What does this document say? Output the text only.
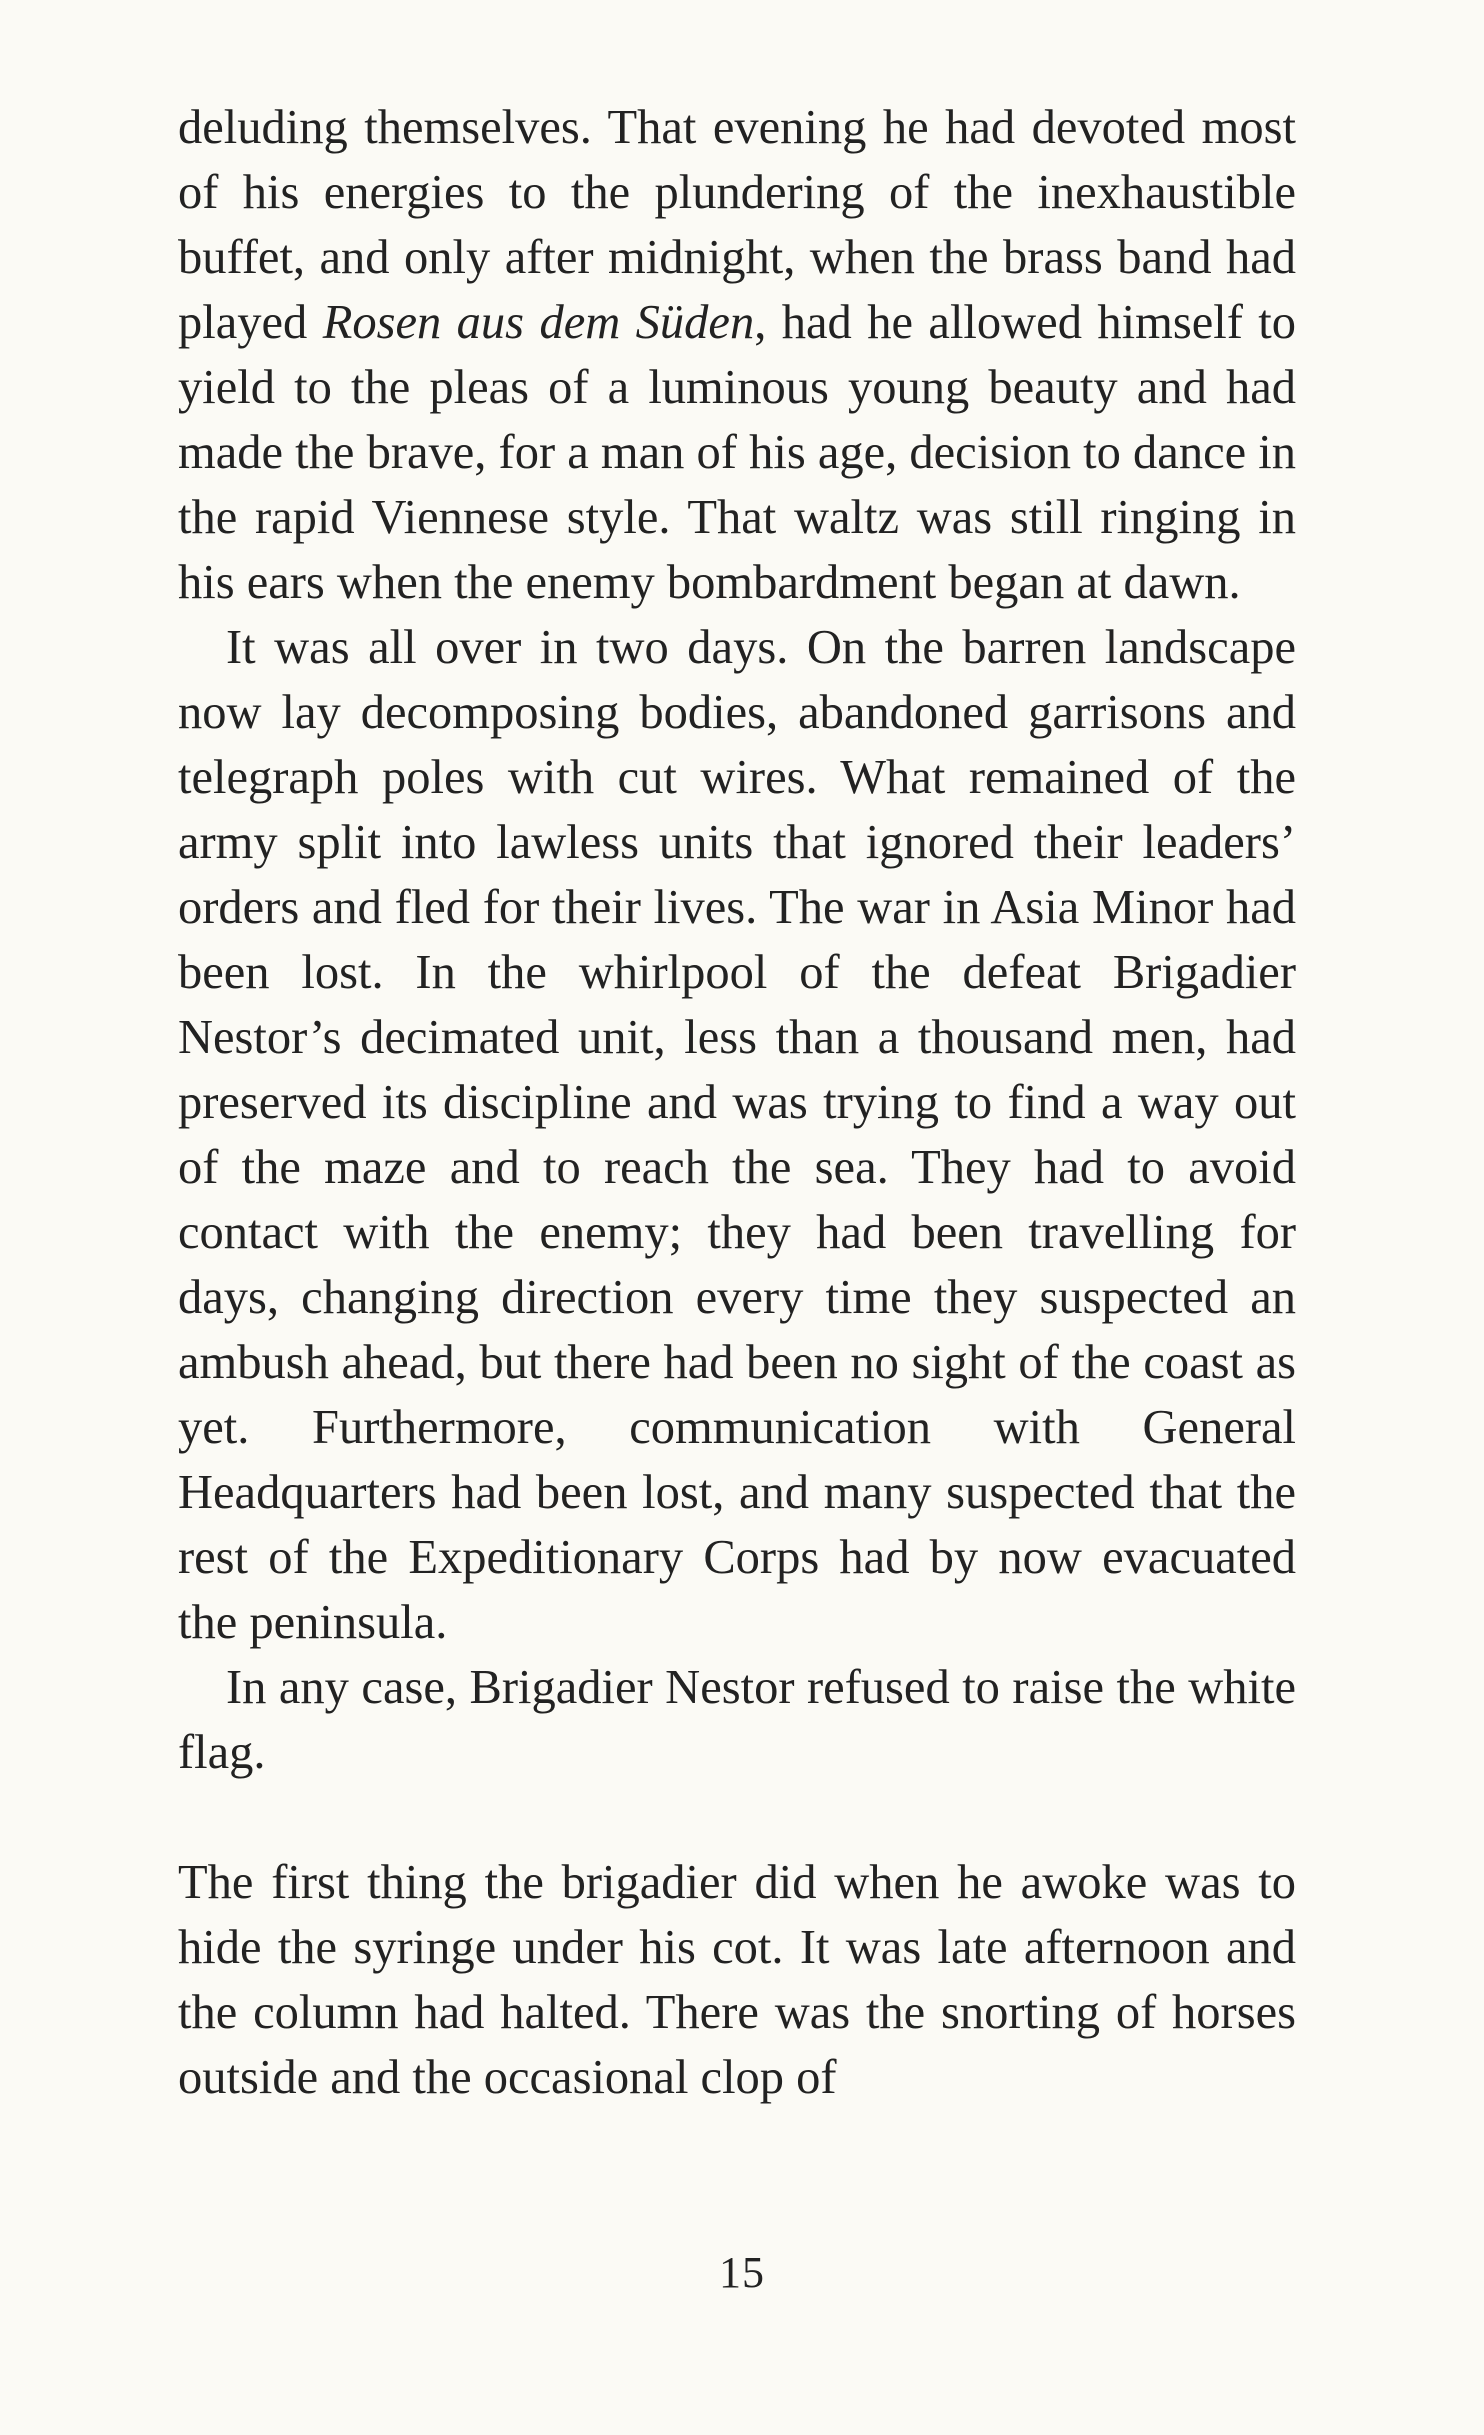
deluding themselves. That evening he had devoted most of his energies to the plundering of the inexhaustible buffet, and only after midnight, when the brass band had played Rosen aus dem Süden, had he allowed himself to yield to the pleas of a luminous young beauty and had made the brave, for a man of his age, decision to dance in the rapid Viennese style. That waltz was still ringing in his ears when the enemy bombardment began at dawn.

It was all over in two days. On the barren landscape now lay decomposing bodies, abandoned garrisons and telegraph poles with cut wires. What remained of the army split into lawless units that ignored their leaders’ orders and fled for their lives. The war in Asia Minor had been lost. In the whirlpool of the defeat Brigadier Nestor’s decimated unit, less than a thousand men, had preserved its discipline and was trying to find a way out of the maze and to reach the sea. They had to avoid contact with the enemy; they had been travelling for days, changing direction every time they suspected an ambush ahead, but there had been no sight of the coast as yet. Furthermore, communication with General Headquarters had been lost, and many suspected that the rest of the Expeditionary Corps had by now evacuated the peninsula.

In any case, Brigadier Nestor refused to raise the white flag.

The first thing the brigadier did when he awoke was to hide the syringe under his cot. It was late afternoon and the column had halted. There was the snorting of horses outside and the occasional clop of

15
